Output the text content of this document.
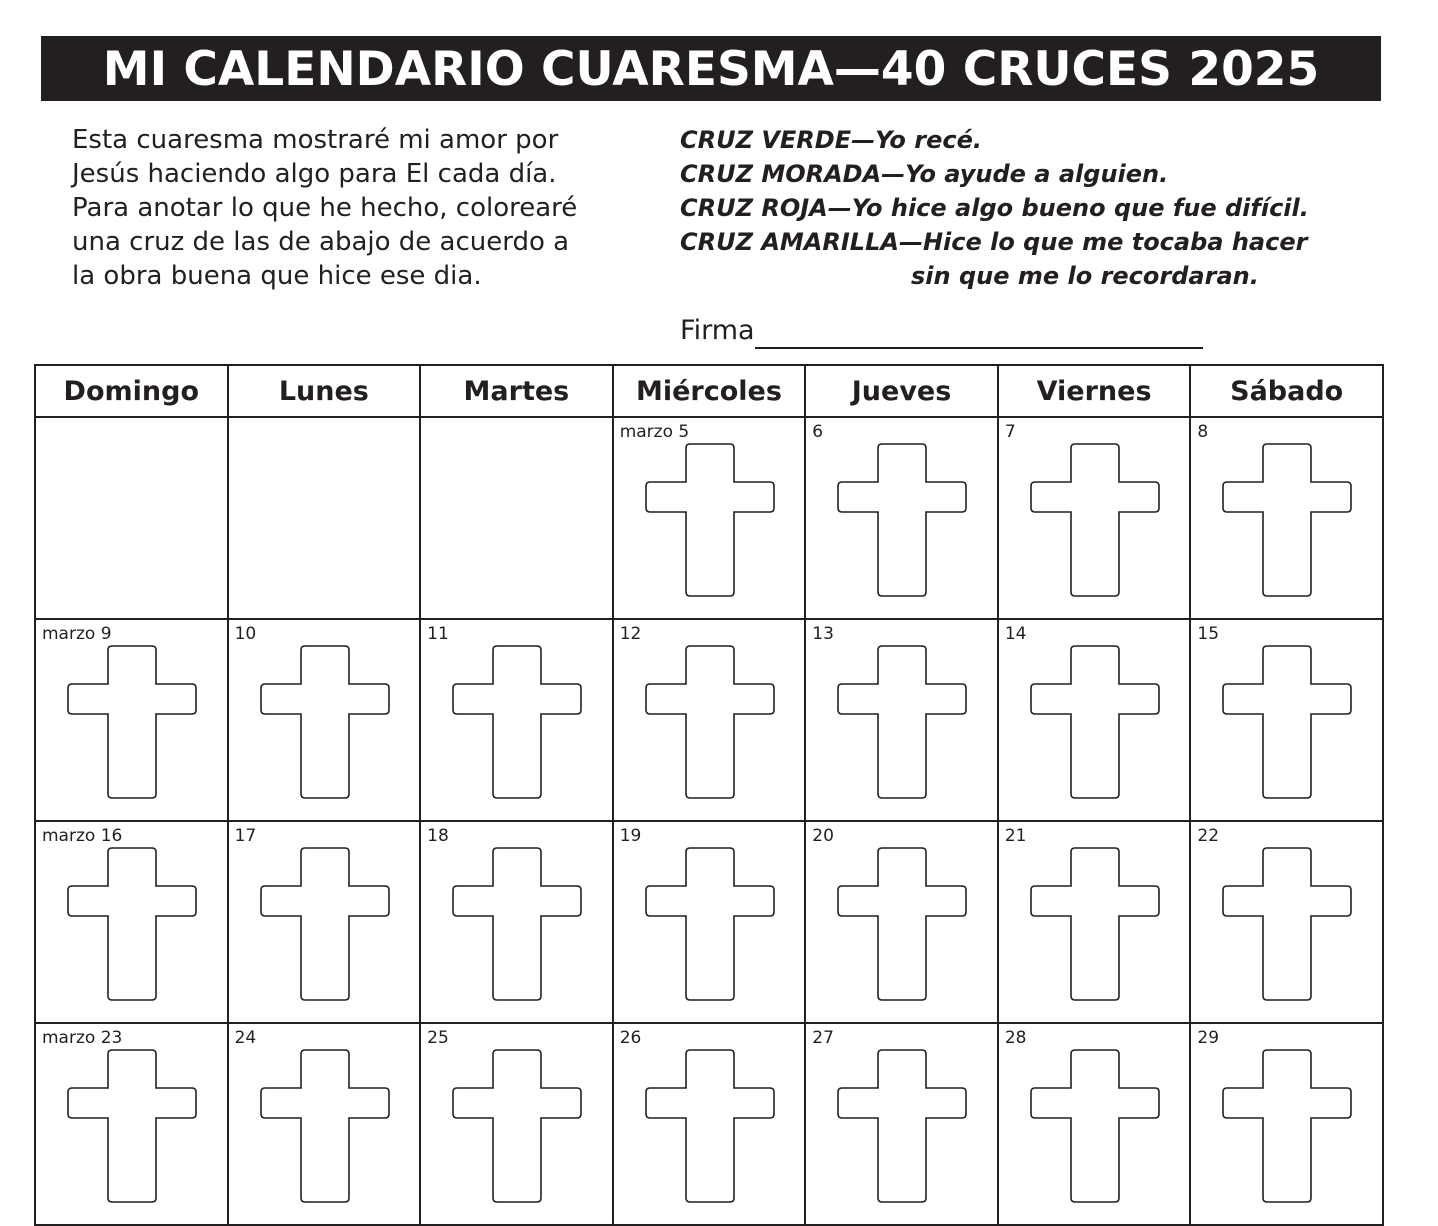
MI CALENDARIO CUARESMA—40 CRUCES 2025
Esta cuaresma mostraré mi amor por
Jesús haciendo algo para El cada día.
Para anotar lo que he hecho, colorearé
una cruz de las de abajo de acuerdo a
la obra buena que hice ese dia.
CRUZ VERDE—Yo recé.
CRUZ MORADA—Yo ayude a alguien.
CRUZ ROJA—Yo hice algo bueno que fue difícil.
CRUZ AMARILLA—Hice lo que me tocaba hacer
sin que me lo recordaran.
Firma
Domingo	Lunes	Martes	Miércoles	Jueves	Viernes	Sábado

			marzo 5	6	7	8

marzo 9	10	11	12	13	14	15

marzo 16	17	18	19	20	21	22

marzo 23	24	25	26	27	28	29
